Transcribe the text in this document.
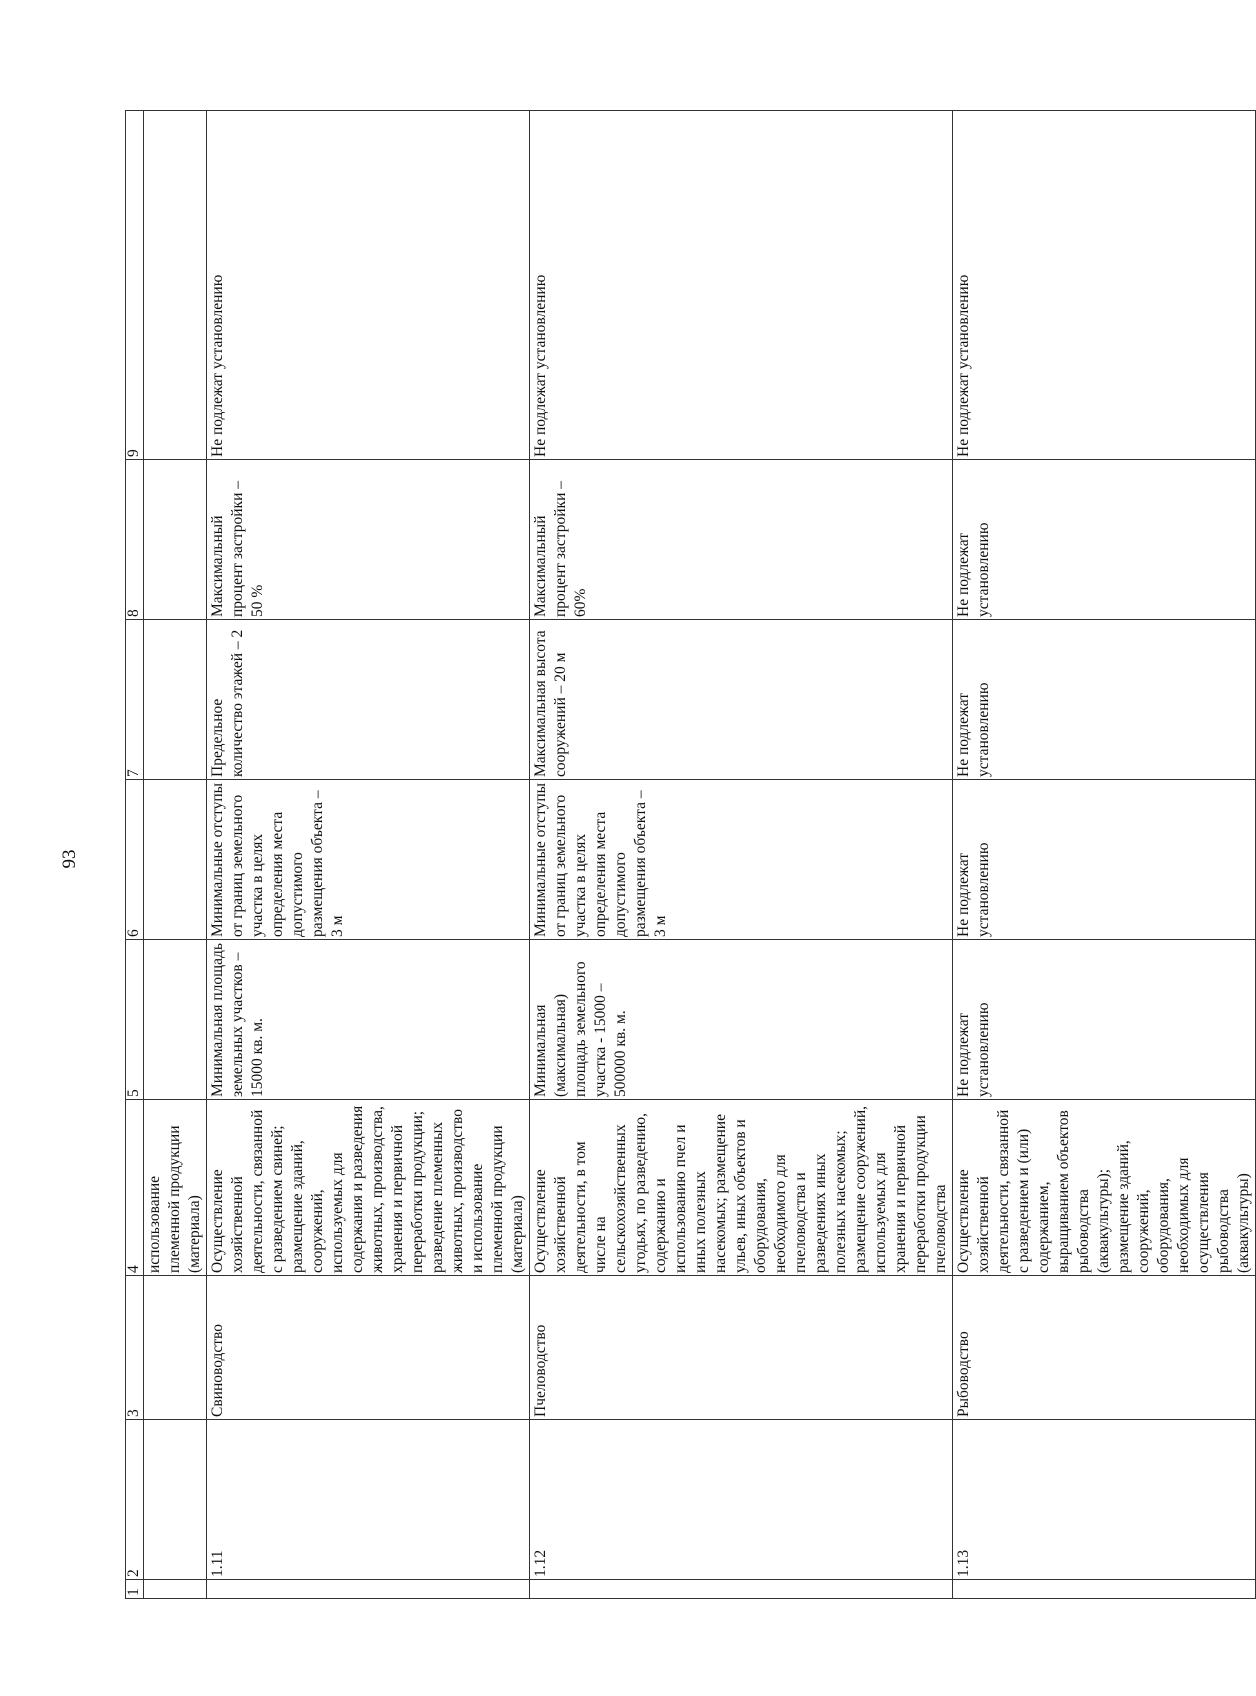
93
1	2	3	4	5	6	7	8	9
			использование племенной продукции (материала)					
	1.11	Свиноводство	Осуществление хозяйственной деятельности, связанной с разведением свиней; размещение зданий, сооружений, используемых для содержания и разведения животных, производства, хранения и первичной переработки продукции; разведение племенных животных, производство и использование племенной продукции (материала)	Минимальная площадь земельных участков – 15000 кв. м.	Минимальные отступы от границ земельного участка в целях определения места допустимого размещения объекта – 3 м	Предельное количество этажей – 2	Максимальный процент застройки – 50 %	Не подлежат установлению
	1.12	Пчеловодство	Осуществление хозяйственной деятельности, в том числе на сельскохозяйственных угодьях, по разведению, содержанию и использованию пчел и иных полезных насекомых; размещение ульев, иных объектов и оборудования, необходимого для пчеловодства и разведениях иных полезных насекомых; размещение сооружений, используемых для хранения и первичной переработки продукции пчеловодства	Минимальная (максимальная) площадь земельного участка - 15000 – 500000 кв. м.	Минимальные отступы от границ земельного участка в целях определения места допустимого размещения объекта – 3 м	Максимальная высота сооружений – 20 м	Максимальный процент застройки – 60%	Не подлежат установлению
	1.13	Рыбоводство	Осуществление хозяйственной деятельности, связанной с разведением и (или) содержанием, выращиванием объектов рыбоводства (аквакультуры); размещение зданий, сооружений, оборудования, необходимых для осуществления рыбоводства (аквакультуры)	Не подлежат установлению	Не подлежат установлению	Не подлежат установлению	Не подлежат установлению	Не подлежат установлению
